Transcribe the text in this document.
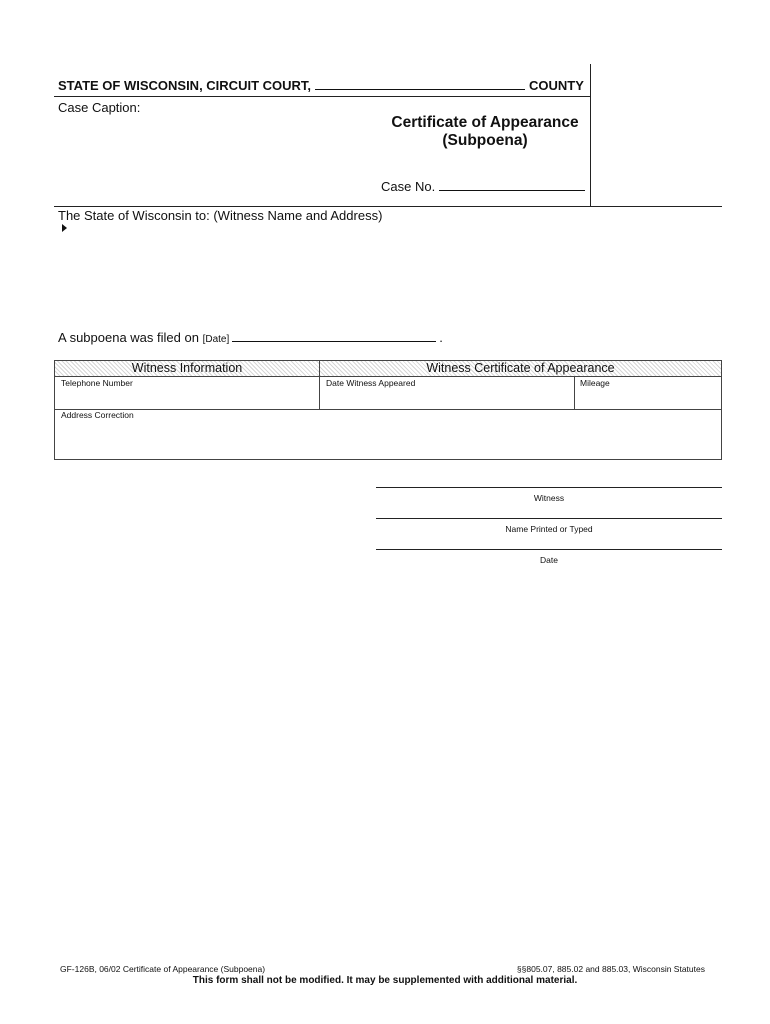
STATE OF WISCONSIN, CIRCUIT COURT,	COUNTY
Case Caption:
Certificate of Appearance
(Subpoena)
Case No.
The State of Wisconsin to: (Witness Name and Address)
A subpoena was filed on [Date]	.
Witness Information	Witness Certificate of Appearance
Telephone Number	Date Witness Appeared	Mileage
Address Correction
Witness
Name Printed or Typed
Date
GF-126B, 06/02 Certificate of Appearance (Subpoena)	§§805.07, 885.02 and 885.03, Wisconsin Statutes
This form shall not be modified. It may be supplemented with additional material.
